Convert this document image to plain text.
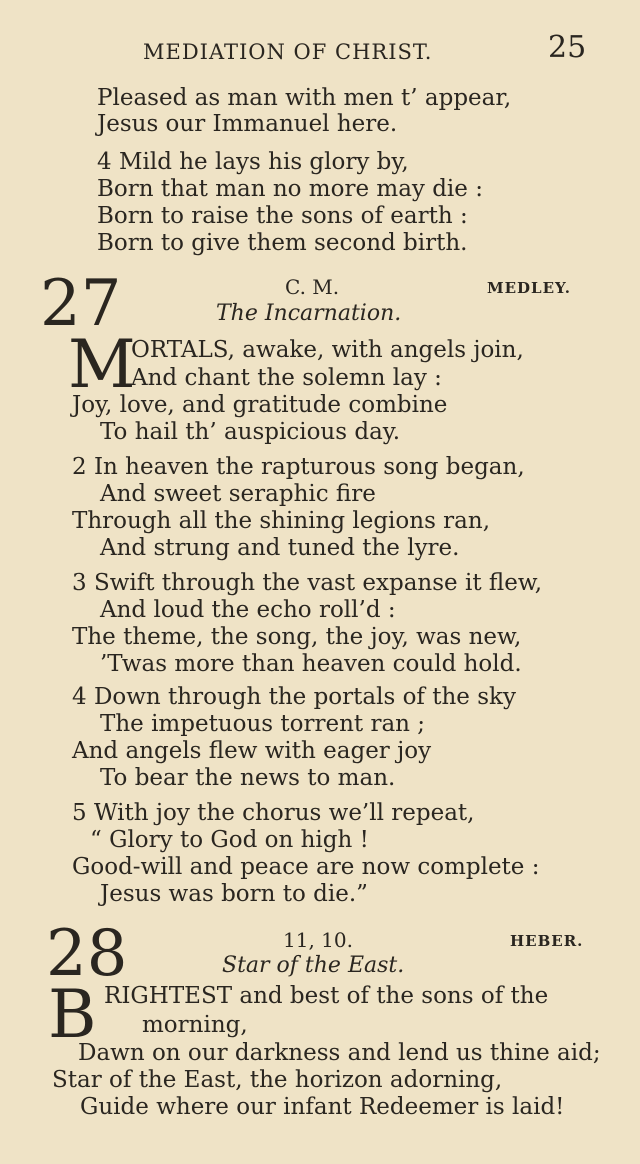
MEDIATION OF CHRIST.	25
Pleased as man with men t’ appear,
Jesus our Immanuel here.
4 Mild he lays his glory by,
Born that man no more may die :
Born to raise the sons of earth :
Born to give them second birth.
27	C. M.	MEDLEY.
The Incarnation.
M
ORTALS, awake, with angels join,
And chant the solemn lay :
Joy, love, and gratitude combine
To hail th’ auspicious day.
2 In heaven the rapturous song began,
And sweet seraphic fire
Through all the shining legions ran,
And strung and tuned the lyre.
3 Swift through the vast expanse it flew,
And loud the echo roll’d :
The theme, the song, the joy, was new,
’Twas more than heaven could hold.
4 Down through the portals of the sky
The impetuous torrent ran ;
And angels flew with eager joy
To bear the news to man.
5 With joy the chorus we’ll repeat,
“ Glory to God on high !
Good-will and peace are now complete :
Jesus was born to die.”
28	11, 10.	HEBER.
Star of the East.
B RIGHTEST and best of the sons of the
morning,
Dawn on our darkness and lend us thine aid;
Star of the East, the horizon adorning,
Guide where our infant Redeemer is laid!
